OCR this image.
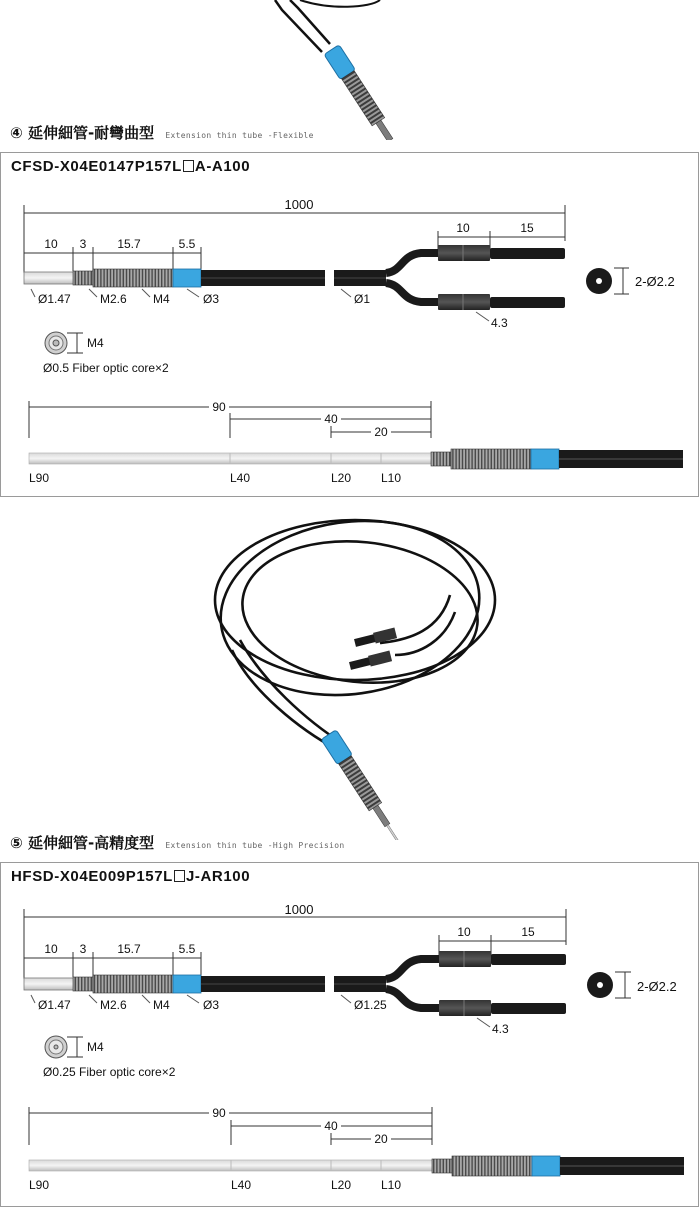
④ 延伸細管-耐彎曲型 Extension thin tube -Flexible
CFSD-X04E0147P157L A-A100
1000
10 3	15.7	5.5
10	15
Ø1.47 M2.6 M4	Ø3	Ø1
4.3
2-Ø2.2
M4
Ø0.5 Fiber optic core×2
90
40
20
L90	L40	L20 L10
⑤ 延伸細管-高精度型 Extension thin tube -High Precision
HFSD-X04E009P157L J-AR100
1000
10 3	15.7	5.5
10	15
Ø1.47 M2.6 M4	Ø3	Ø1.25
4.3
2-Ø2.2
M4
Ø0.25 Fiber optic core×2
90
40
20
L90	L40	L20 L10
